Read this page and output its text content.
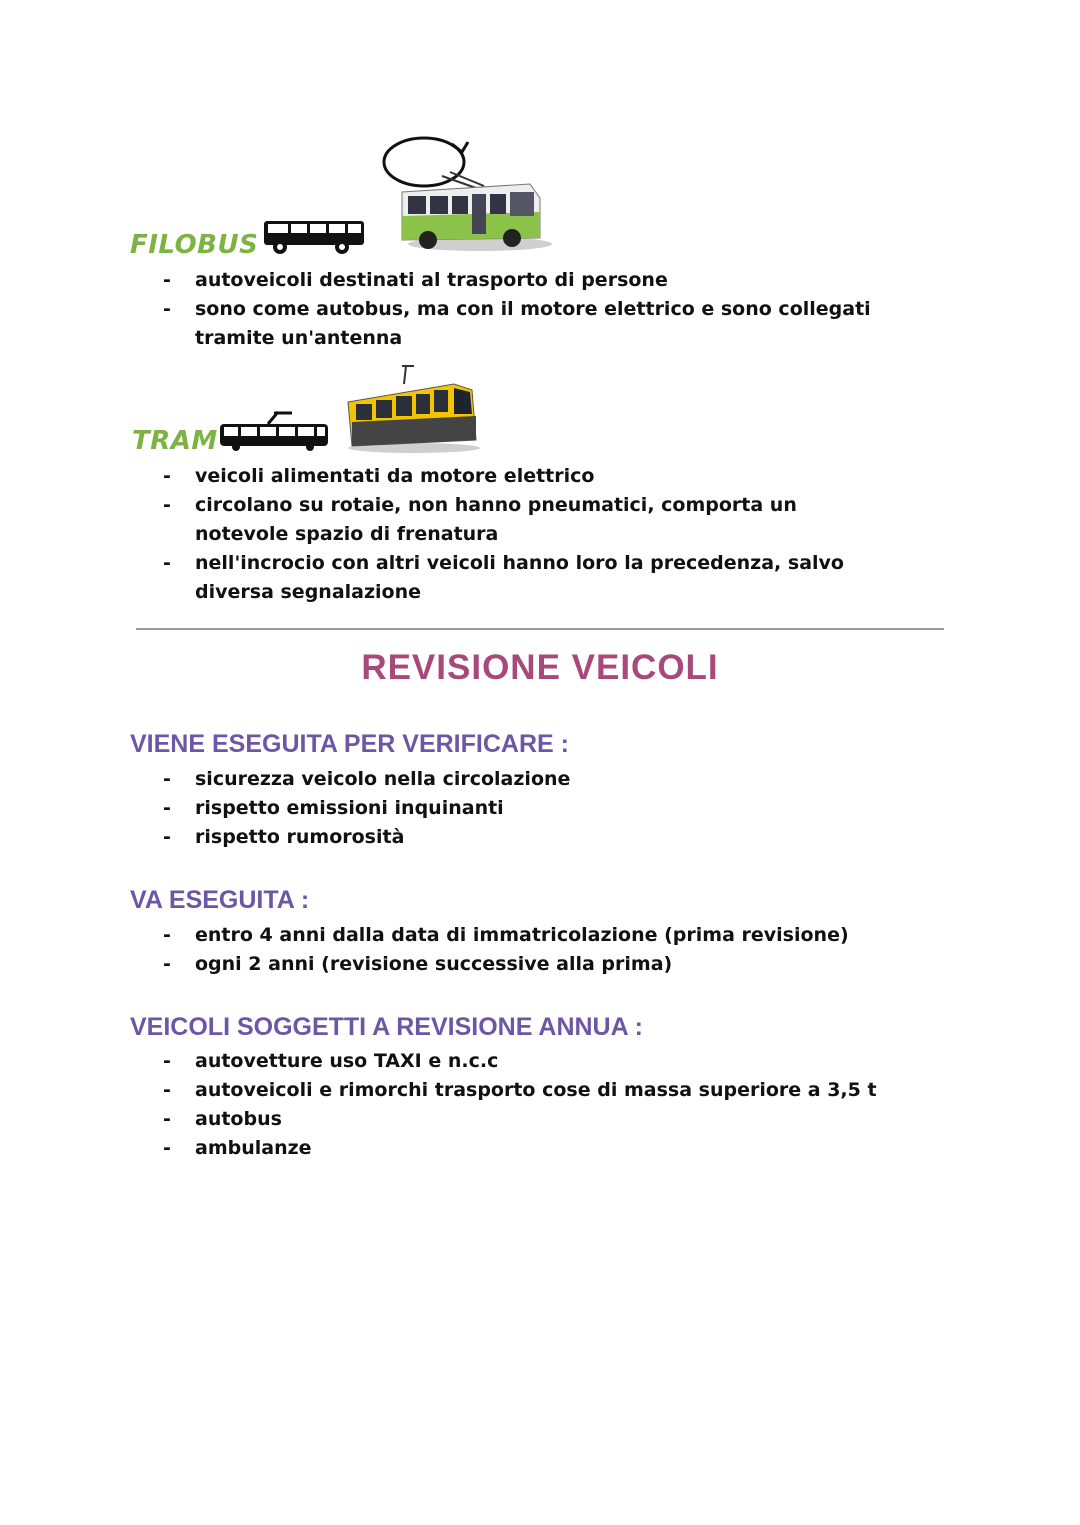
FILOBUS
- autoveicoli destinati al trasporto di persone
- sono come autobus, ma con il motore elettrico e sono collegati tramite un'antenna
TRAM
- veicoli alimentati da motore elettrico
- circolano su rotaie, non hanno pneumatici, comporta un notevole spazio di frenatura
- nell'incrocio con altri veicoli hanno loro la precedenza, salvo diversa segnalazione
REVISIONE VEICOLI
VIENE ESEGUITA PER VERIFICARE :
- sicurezza veicolo nella circolazione
- rispetto emissioni inquinanti
- rispetto rumorosità
VA ESEGUITA :
- entro 4 anni dalla data di immatricolazione (prima revisione)
- ogni 2 anni (revisione successive alla prima)
VEICOLI SOGGETTI A REVISIONE ANNUA :
- autovetture uso TAXI e n.c.c
- autoveicoli e rimorchi trasporto cose di massa superiore a 3,5 t
- autobus
- ambulanze
